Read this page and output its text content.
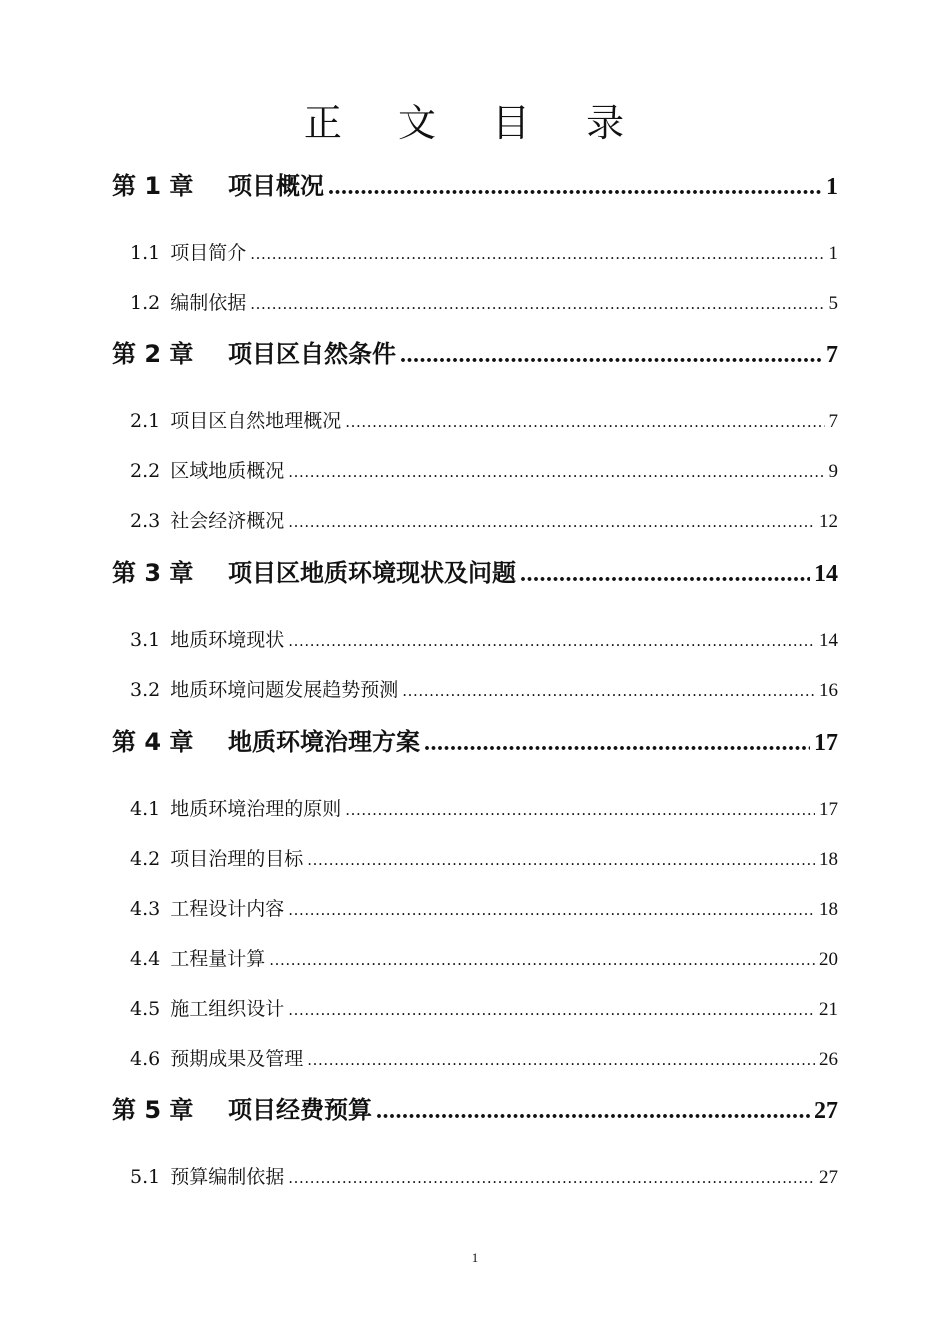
正 文 目 录
第 1 章	项目概况 .....	1
1.1 项目简介 .....	1
1.2 编制依据 .....	5
第 2 章	项目区自然条件 .....	7
2.1 项目区自然地理概况 .....	7
2.2 区域地质概况 .....	9
2.3 社会经济概况 .....	12
第 3 章	项目区地质环境现状及问题 .....	14
3.1 地质环境现状 .....	14
3.2 地质环境问题发展趋势预测 .....	16
第 4 章	地质环境治理方案 .....	17
4.1 地质环境治理的原则 .....	17
4.2 项目治理的目标 .....	18
4.3 工程设计内容 .....	18
4.4 工程量计算 .....	20
4.5 施工组织设计 .....	21
4.6 预期成果及管理 .....	26
第 5 章	项目经费预算 .....	27
5.1 预算编制依据 .....	27
1
